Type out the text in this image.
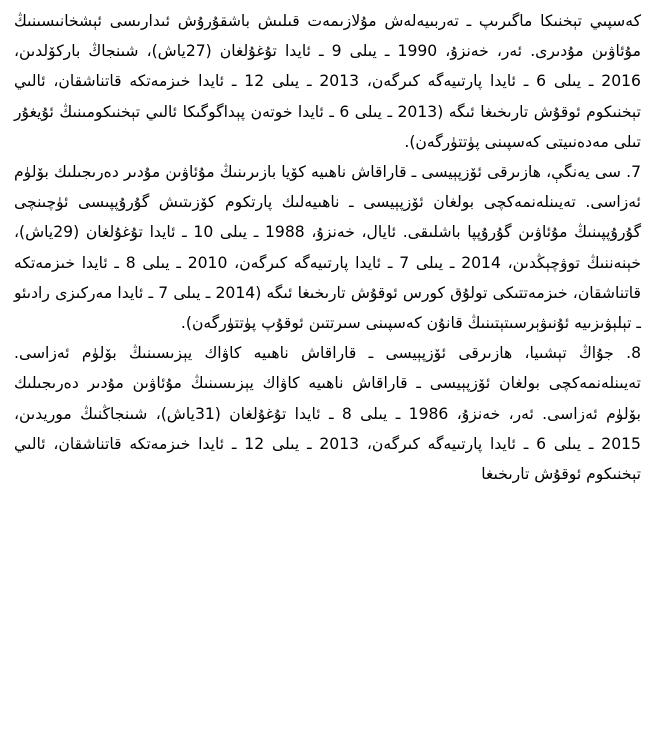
كەسپىي تېخنىكا ماگىرىپ ـ تەربىيەلەش مۇلازىمەت قىلىش باشقۇرۇش ئىدارىسى ئېشخانىسىنىڭ مۇئاۋىن مۇدىرى. ئەر، خەنزۇ، 1990 ـ يىلى 9 ـ ئايدا تۇغۇلغان (27ياش)، شىنجاڭ باركۆلدىن، 2016 ـ يىلى 6 ـ ئايدا پارتىيەگە كىرگەن، 2013 ـ يىلى 12 ـ ئايدا خىزمەتكە قاتناشقان، ئالىي تېخنىكوم ئوقۇش تارىخىغا ئىگە (2013 ـ يىلى 6 ـ ئايدا خوتەن پېداگوگىكا ئالىي تېخنىكومىنىڭ ئۇيغۇر تىلى مەدەنىيتى كەسپىنى پۈتتۈرگەن).

7. سى يەنگې، ھازىرقى ئۆزپېيسى ـ قاراقاش ناھىيە كۆيا بازىرىنىڭ مۇئاۋىن مۇدىر دەرىجىلىك بۆلۈم ئەزاسى. تەيىنلەنمەكچى بولغان ئۆزپېيسى ـ ناھىيەلىك پارتكوم كۆزىتىش گۇرۇپپىسى ئۈچىنچى گۇرۇپپىنىڭ مۇئاۋىن گۇرۇپپا باشلىقى. ئايال، خەنزۇ، 1988 ـ يىلى 10 ـ ئايدا تۇغۇلغان (29ياش)، خېنەننىڭ توۋچېڭدىن، 2014 ـ يىلى 7 ـ ئايدا پارتىيەگە كىرگەن، 2010 ـ يىلى 8 ـ ئايدا خىزمەتكە قاتناشقان، خىزمەتتىكى تولۇق كورس ئوقۇش تارىخىغا ئىگە (2014 ـ يىلى 7 ـ ئايدا مەركىزى رادىئو ـ تېلېۋىزىيە ئۇنىۋېرسىتېتىنىڭ قانۇن كەسپىنى سىرتتىن ئوقۇپ پۈتتۈرگەن).

8. جۇاڭ تېشىيا، ھازىرقى ئۆزپېيسى ـ قاراقاش ناھىيە كاۋاك يېزىسىنىڭ بۆلۈم ئەزاسى. تەيىنلەنمەكچى بولغان ئۆزپېيسى ـ قاراقاش ناھىيە كاۋاك يېزىسىنىڭ مۇئاۋىن مۇدىر دەرىجىلىك بۆلۈم ئەزاسى. ئەر، خەنزۇ، 1986 ـ يىلى 8 ـ ئايدا تۇغۇلغان (31ياش)، شىنجاڭنىڭ موريدىن، 2015 ـ يىلى 6 ـ ئايدا پارتىيەگە كىرگەن، 2013 ـ يىلى 12 ـ ئايدا خىزمەتكە قاتناشقان، ئالىي تېخنىكوم ئوقۇش تارىخىغا
